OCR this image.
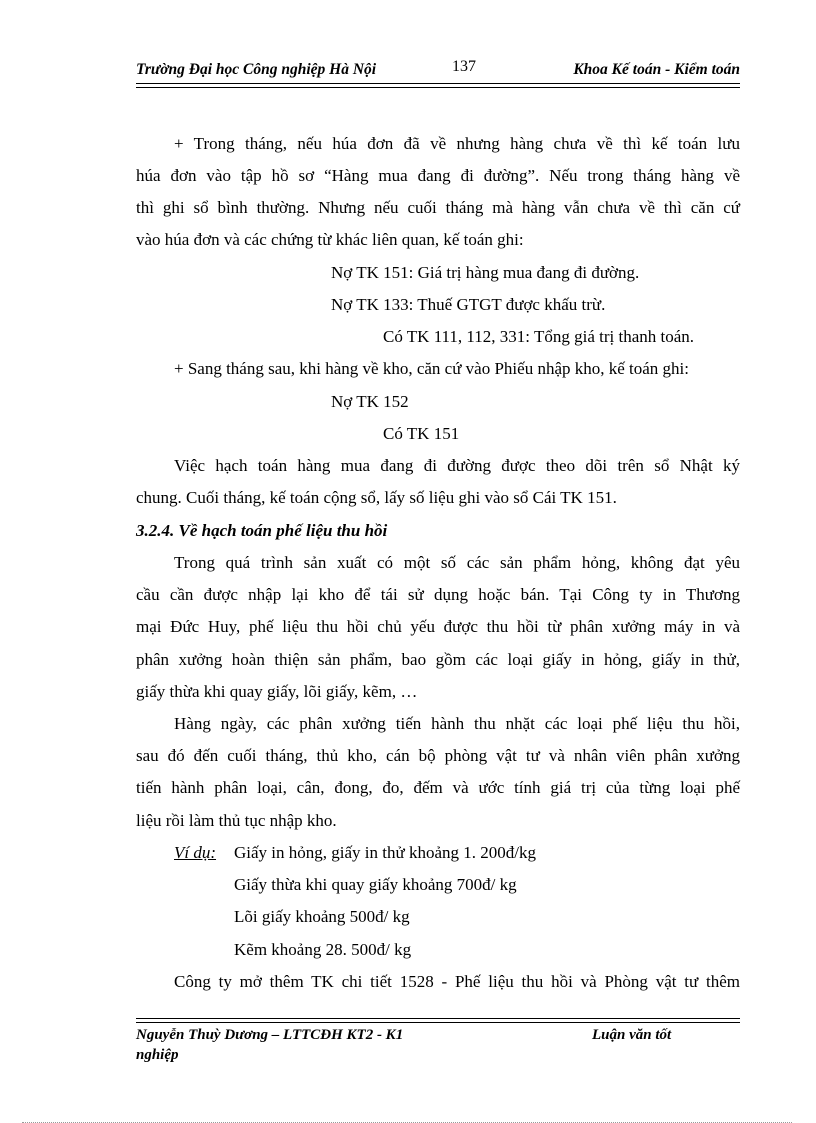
Trường Đại học Công nghiệp Hà Nội	137	Khoa Kế toán - Kiểm toán
+ Trong tháng, nếu húa đơn đã về nhưng hàng chưa về thì kế toán lưu
húa đơn vào tập hồ sơ “Hàng mua đang đi đường”. Nếu trong tháng hàng về
thì ghi sổ bình thường. Nhưng nếu cuối tháng mà hàng vẫn chưa về thì căn cứ
vào húa đơn và các chứng từ khác liên quan, kế toán ghi:
Nợ TK 151: Giá trị hàng mua đang đi đường.
Nợ TK 133: Thuế GTGT được khấu trừ.
Có TK 111, 112, 331: Tổng giá trị thanh toán.
+ Sang tháng sau, khi hàng về kho, căn cứ vào Phiếu nhập kho, kế toán ghi:
Nợ TK 152
Có TK 151
Việc hạch toán hàng mua đang đi đường được theo dõi trên sổ Nhật ký
chung. Cuối tháng, kế toán cộng sổ, lấy số liệu ghi vào sổ Cái TK 151.
3.2.4. Về hạch toán phế liệu thu hồi
Trong quá trình sản xuất có một số các sản phẩm hỏng, không đạt yêu
cầu cần được nhập lại kho để tái sử dụng hoặc bán. Tại Công ty in Thương
mại Đức Huy, phế liệu thu hồi chủ yếu được thu hồi từ phân xưởng máy in và
phân xưởng hoàn thiện sản phẩm, bao gồm các loại giấy in hỏng, giấy in thử,
giấy thừa khi quay giấy, lõi giấy, kẽm, …
Hàng ngày, các phân xưởng tiến hành thu nhặt các loại phế liệu thu hồi,
sau đó đến cuối tháng, thủ kho, cán bộ phòng vật tư và nhân viên phân xưởng
tiến hành phân loại, cân, đong, đo, đếm và ước tính giá trị của từng loại phế
liệu rồi làm thủ tục nhập kho.
Ví dụ: Giấy in hỏng, giấy in thử khoảng 1. 200đ/kg
Giấy thừa khi quay giấy khoảng 700đ/ kg
Lõi giấy khoảng 500đ/ kg
Kẽm khoảng 28. 500đ/ kg
Công ty mở thêm TK chi tiết 1528 - Phế liệu thu hồi và Phòng vật tư thêm
Nguyễn Thuỳ Dương – LTTCĐH KT2 - K1	Luận văn tốt
nghiệp
